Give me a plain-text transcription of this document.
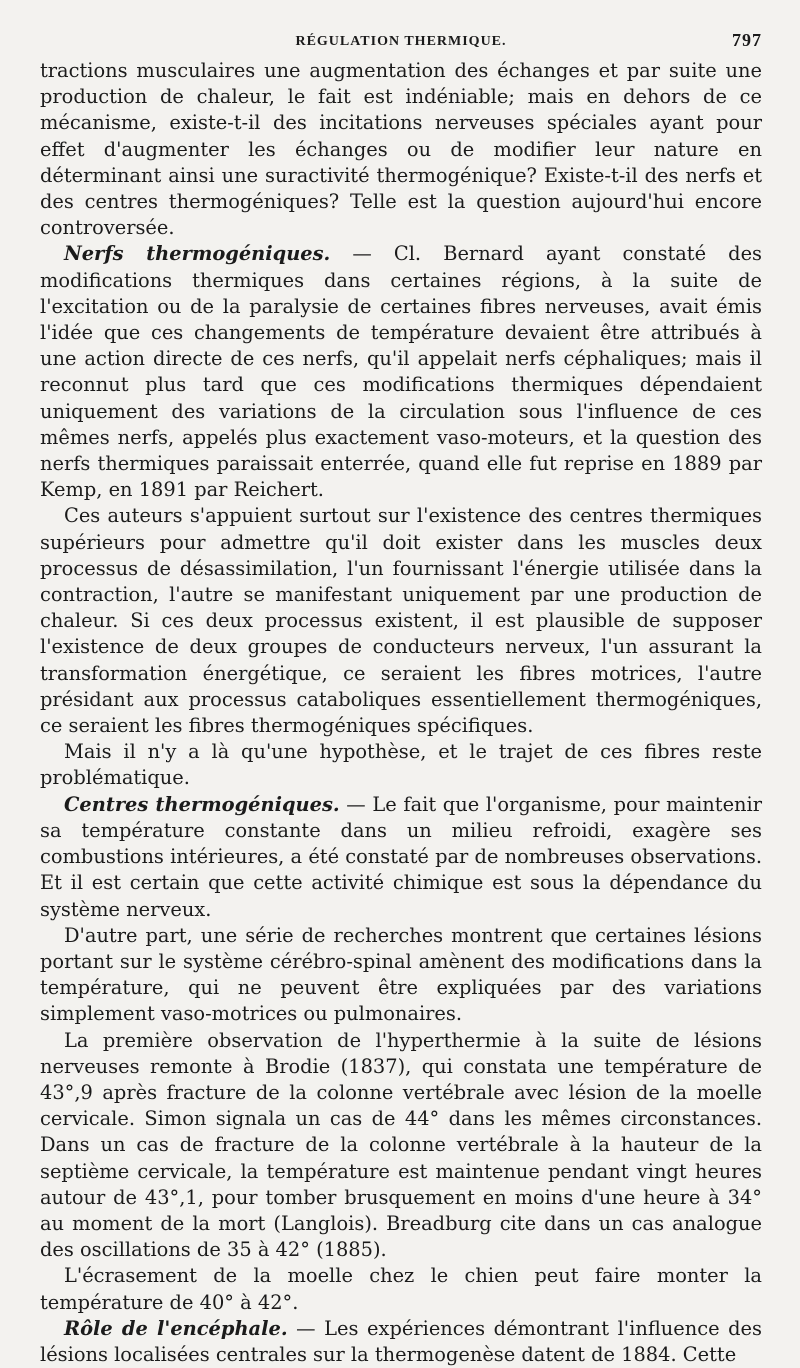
RÉGULATION THERMIQUE.	797

tractions musculaires une augmentation des échanges et par suite une production de chaleur, le fait est indéniable; mais en dehors de ce mécanisme, existe-t-il des incitations nerveuses spéciales ayant pour effet d'augmenter les échanges ou de modifier leur nature en déterminant ainsi une suractivité thermogénique? Existe-t-il des nerfs et des centres thermogéniques? Telle est la question aujourd'hui encore controversée.

Nerfs thermogéniques. — Cl. Bernard ayant constaté des modifications thermiques dans certaines régions, à la suite de l'excitation ou de la paralysie de certaines fibres nerveuses, avait émis l'idée que ces changements de température devaient être attribués à une action directe de ces nerfs, qu'il appelait nerfs céphaliques; mais il reconnut plus tard que ces modifications thermiques dépendaient uniquement des variations de la circulation sous l'influence de ces mêmes nerfs, appelés plus exactement vaso-moteurs, et la question des nerfs thermiques paraissait enterrée, quand elle fut reprise en 1889 par Kemp, en 1891 par Reichert.

Ces auteurs s'appuient surtout sur l'existence des centres thermiques supérieurs pour admettre qu'il doit exister dans les muscles deux processus de désassimilation, l'un fournissant l'énergie utilisée dans la contraction, l'autre se manifestant uniquement par une production de chaleur. Si ces deux processus existent, il est plausible de supposer l'existence de deux groupes de conducteurs nerveux, l'un assurant la transformation énergétique, ce seraient les fibres motrices, l'autre présidant aux processus cataboliques essentiellement thermogéniques, ce seraient les fibres thermogéniques spécifiques.

Mais il n'y a là qu'une hypothèse, et le trajet de ces fibres reste problématique.

Centres thermogéniques. — Le fait que l'organisme, pour maintenir sa température constante dans un milieu refroidi, exagère ses combustions intérieures, a été constaté par de nombreuses observations. Et il est certain que cette activité chimique est sous la dépendance du système nerveux.

D'autre part, une série de recherches montrent que certaines lésions portant sur le système cérébro-spinal amènent des modifications dans la température, qui ne peuvent être expliquées par des variations simplement vaso-motrices ou pulmonaires.

La première observation de l'hyperthermie à la suite de lésions nerveuses remonte à Brodie (1837), qui constata une température de 43°,9 après fracture de la colonne vertébrale avec lésion de la moelle cervicale. Simon signala un cas de 44° dans les mêmes circonstances. Dans un cas de fracture de la colonne vertébrale à la hauteur de la septième cervicale, la température est maintenue pendant vingt heures autour de 43°,1, pour tomber brusquement en moins d'une heure à 34° au moment de la mort (Langlois). Breadburg cite dans un cas analogue des oscillations de 35 à 42° (1885).

L'écrasement de la moelle chez le chien peut faire monter la température de 40° à 42°.

Rôle de l'encéphale. — Les expériences démontrant l'influence des lésions localisées centrales sur la thermogenèse datent de 1884. Cette
